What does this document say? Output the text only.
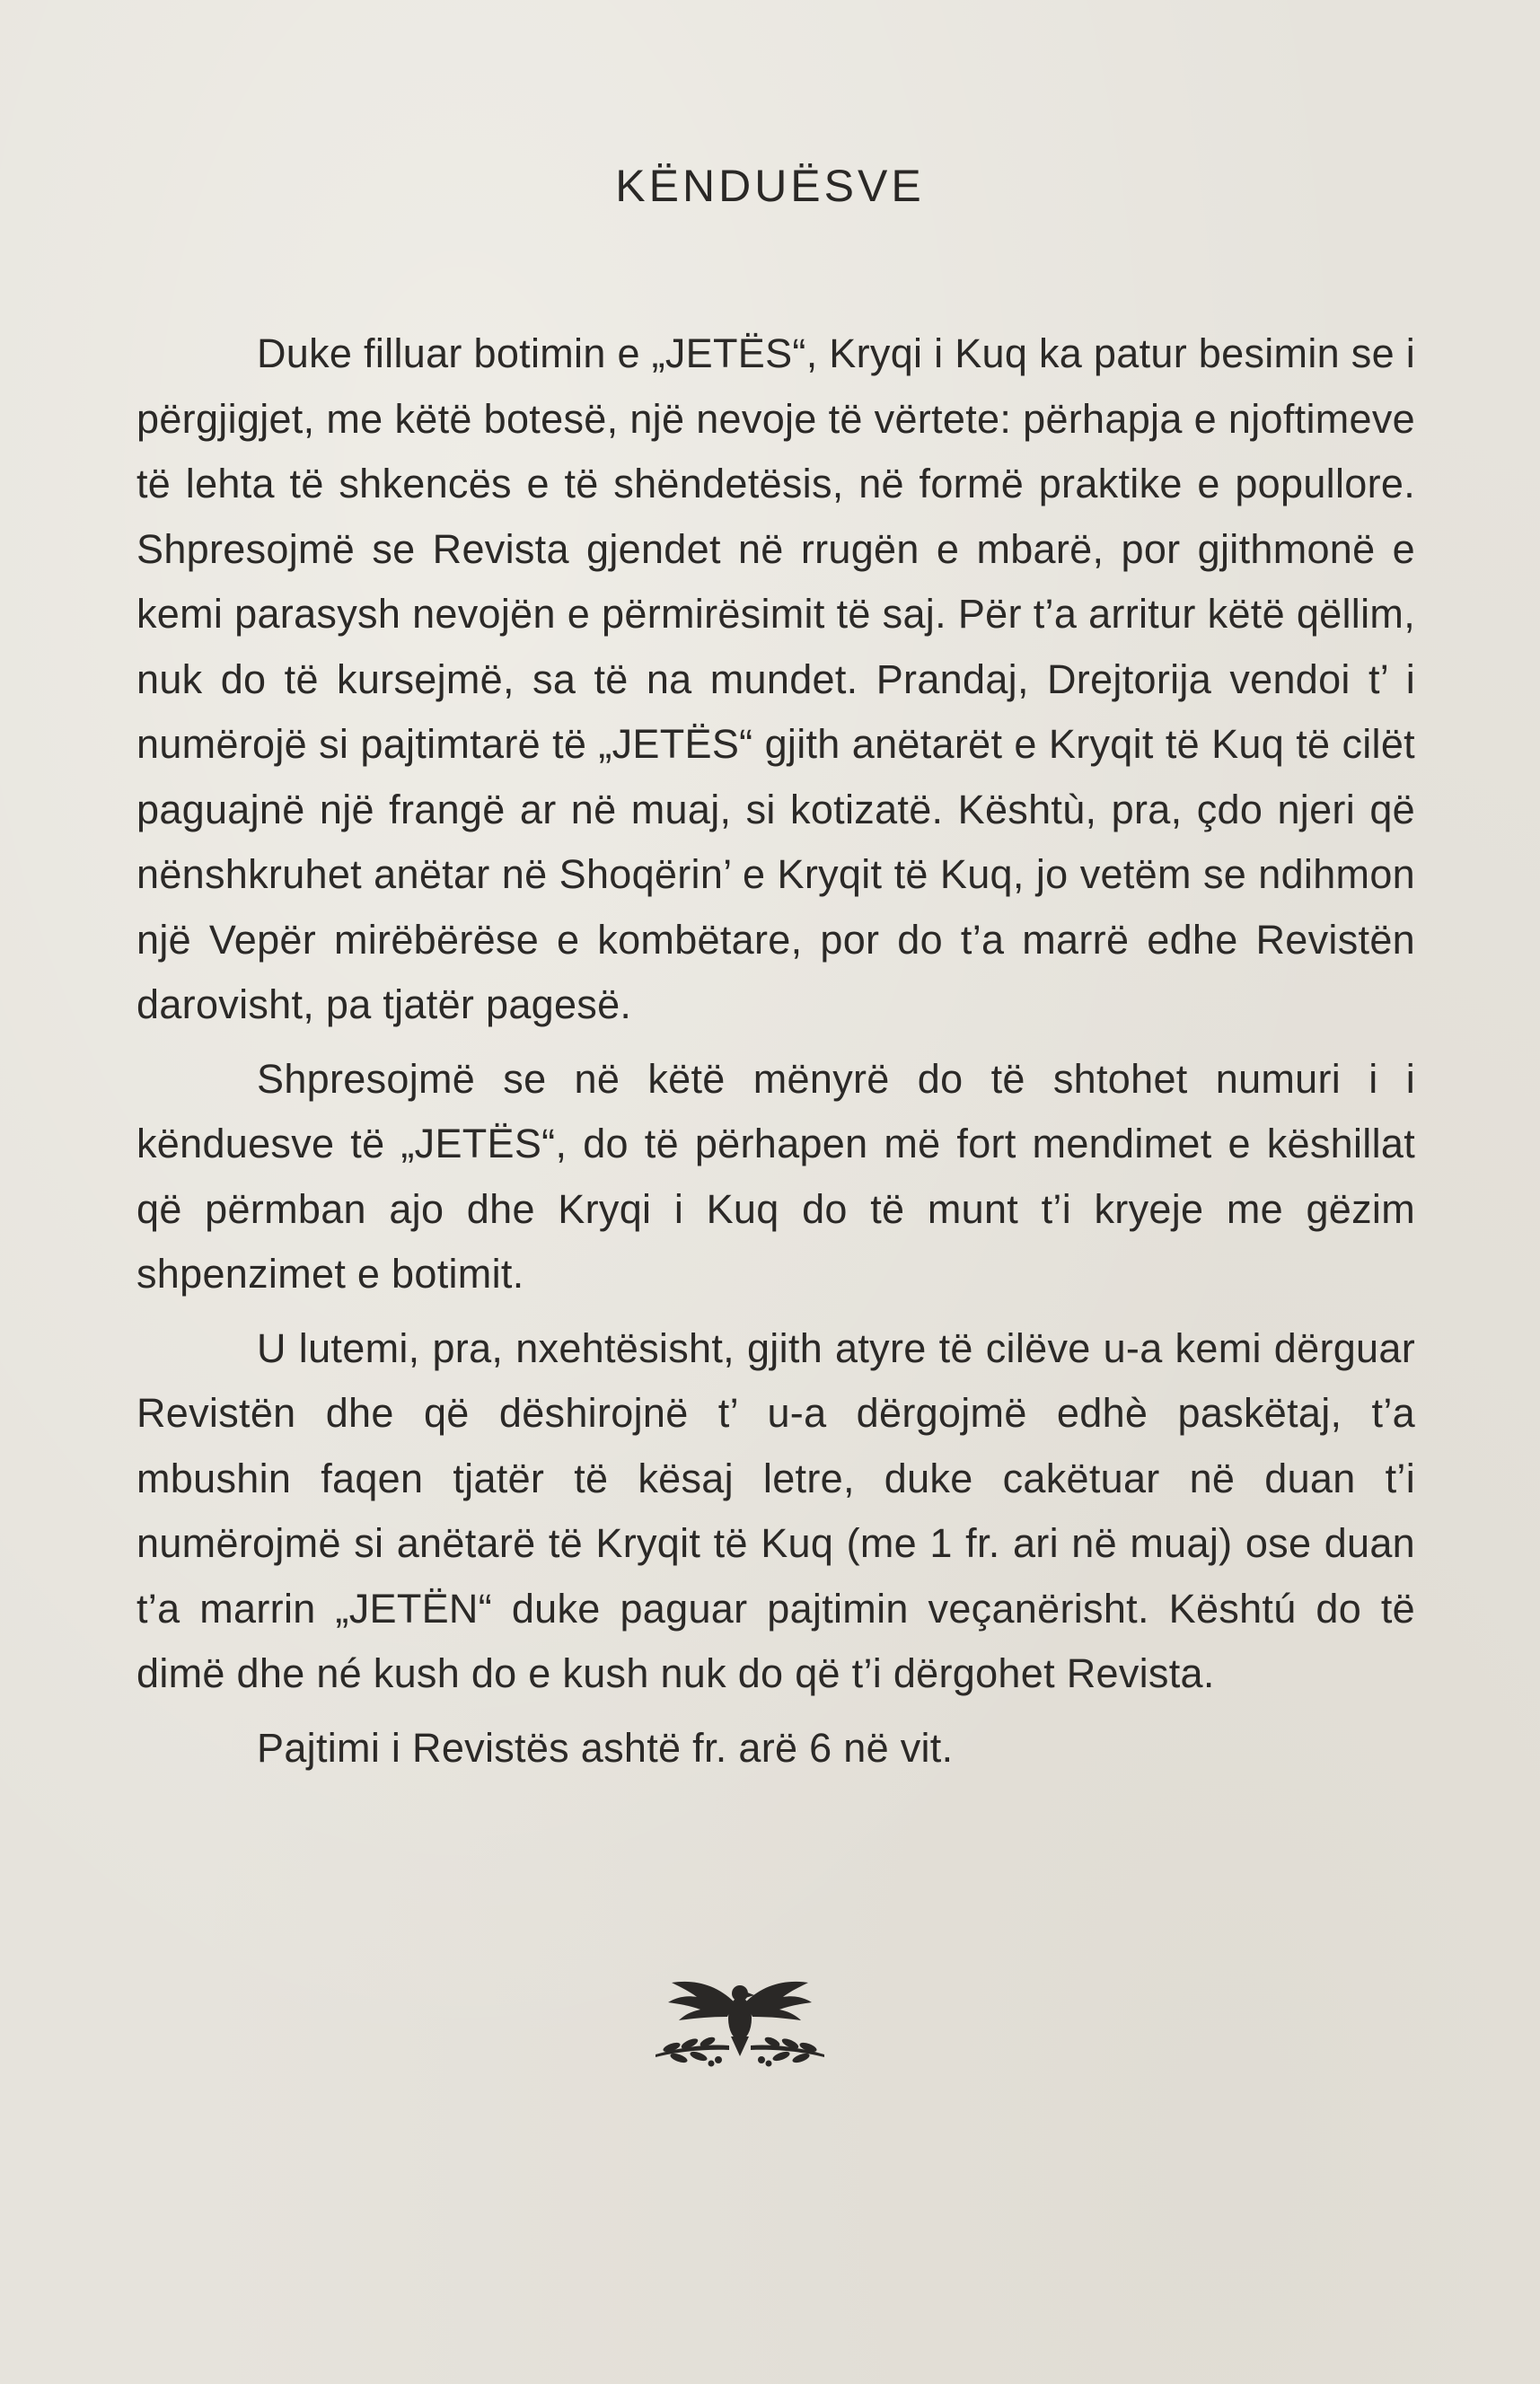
KËNDUËSVE

Duke filluar botimin e „JETËS“, Kryqi i Kuq ka patur besimin se i përgjigjet, me këtë botesë, një nevoje të vërtete: përhapja e njoftimeve të lehta të shkencës e të shëndetësis, në formë praktike e popullore. Shpresojmë se Revista gjendet në rrugën e mbarë, por gjithmonë e kemi parasysh nevojën e përmirësimit të saj. Për t’a arritur këtë qëllim, nuk do të kursejmë, sa të na mundet. Prandaj, Drejtorija vendoi t’ i numërojë si pajtimtarë të „JETËS“ gjith anëtarët e Kryqit të Kuq të cilët paguajnë një frangë ar në muaj, si kotizatë. Kështù, pra, çdo njeri që nënshkruhet anëtar në Shoqërin’ e Kryqit të Kuq, jo vetëm se ndihmon një Vepër mirëbërëse e kombëtare, por do t’a marrë edhe Revistën darovisht, pa tjatër pagesë.

Shpresojmë se në këtë mënyrë do të shtohet numuri i i kënduesve të „JETËS“, do të përhapen më fort mendimet e këshillat që përmban ajo dhe Kryqi i Kuq do të munt t’i kryeje me gëzim shpenzimet e botimit.

U lutemi, pra, nxehtësisht, gjith atyre të cilëve u-a kemi dërguar Revistën dhe që dëshirojnë t’ u-a dërgojmë edhè paskëtaj, t’a mbushin faqen tjatër të kësaj letre, duke cakëtuar në duan t’i numërojmë si anëtarë të Kryqit të Kuq (me 1 fr. ari në muaj) ose duan t’a marrin „JETËN“ duke paguar pajtimin veçanërisht. Kështú do të dimë dhe né kush do e kush nuk do që t’i dërgohet Revista.

Pajtimi i Revistës ashtë fr. arë 6 në vit.
